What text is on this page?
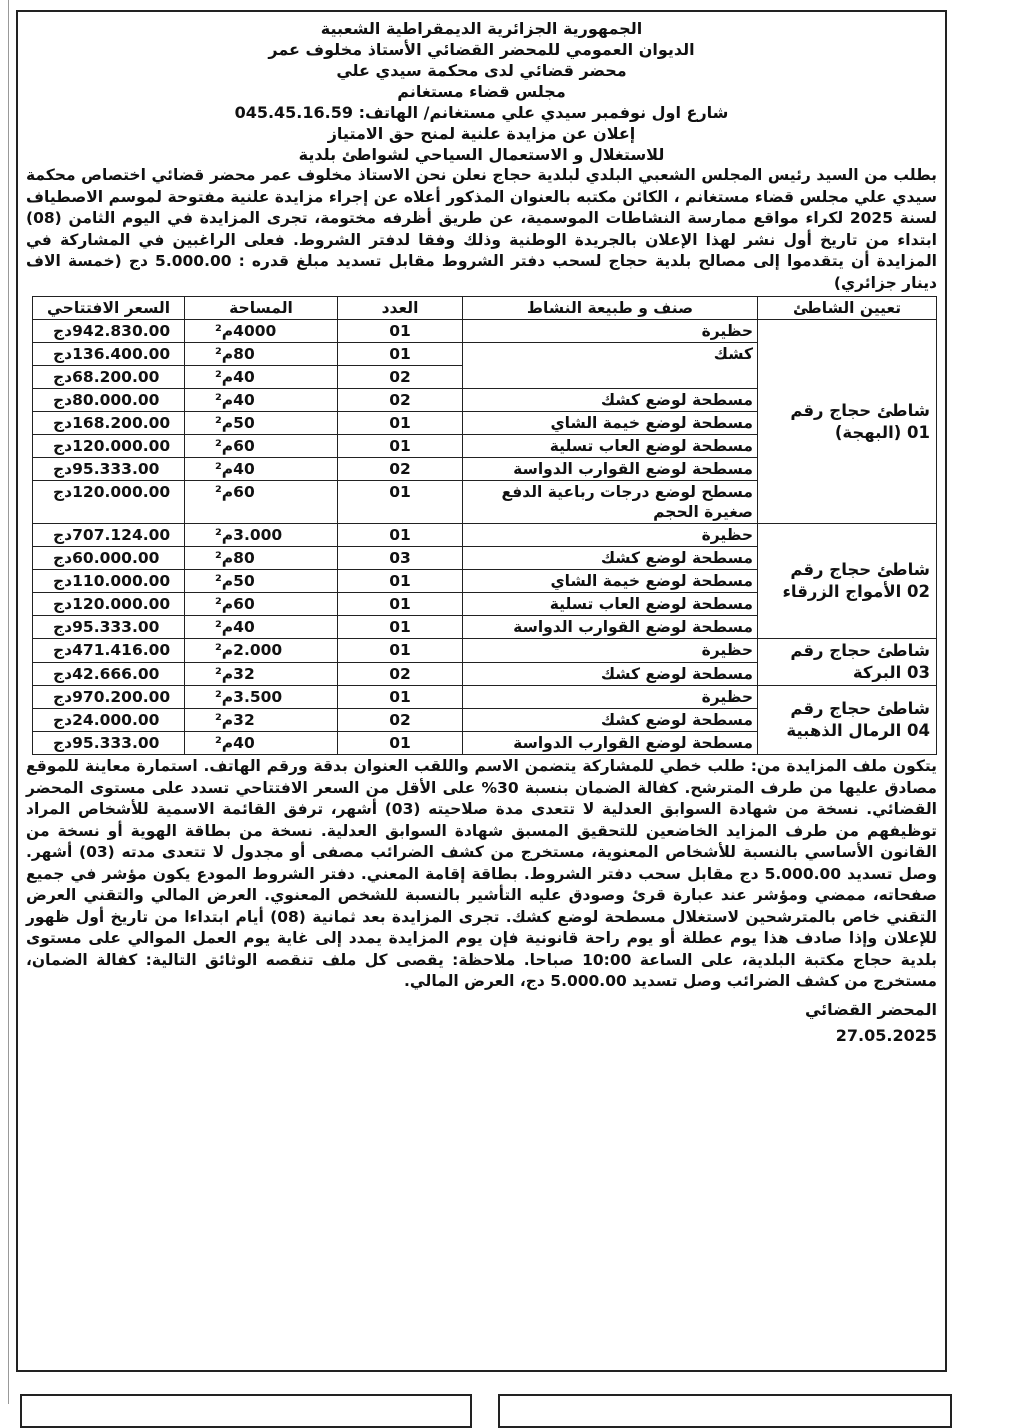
الجمهورية الجزائرية الديمقراطية الشعبية
الديوان العمومي للمحضر القضائي الأستاذ مخلوف عمر
محضر قضائي لدى محكمة سيدي علي
مجلس قضاء مستغانم
شارع اول نوفمبر سيدي علي مستغانم/ الهاتف: 045.45.16.59
إعلان عن مزايدة علنية لمنح حق الامتياز
للاستغلال و الاستعمال السياحي لشواطئ بلدية

بطلب من السيد رئيس المجلس الشعبي البلدي لبلدية حجاج نعلن نحن الاستاذ مخلوف عمر محضر قضائي اختصاص محكمة سيدي علي مجلس قضاء مستغانم ، الكائن مكتبه بالعنوان المذكور أعلاه عن إجراء مزايدة علنية مفتوحة لموسم الاصطياف لسنة 2025 لكراء مواقع ممارسة النشاطات الموسمية، عن طريق أظرفه مختومة، تجرى المزايدة في اليوم الثامن (08) ابتداء من تاريخ أول نشر لهذا الإعلان بالجريدة الوطنية وذلك وفقا لدفتر الشروط. فعلى الراغبين في المشاركة في المزايدة أن يتقدموا إلى مصالح بلدية حجاج لسحب دفتر الشروط مقابل تسديد مبلغ قدره : 5.000.00 دج (خمسة الاف دينار جزائري)

تعيين الشاطئ	صنف و طبيعة النشاط	العدد	المساحة	السعر الافتتاحي
شاطئ حجاج رقم 01 (البهجة)	حظيرة	01	4000م²	942.830.00دج
	كشك	01	80م²	136.400.00دج
		02	40م²	68.200.00دج
	مسطحة لوضع كشك	02	40م²	80.000.00دج
	مسطحة لوضع خيمة الشاي	01	50م²	168.200.00دج
	مسطحة لوضع العاب تسلية	01	60م²	120.000.00دج
	مسطحة لوضع القوارب الدواسة	02	40م²	95.333.00دج
	مسطح لوضع درجات رباعية الدفع صغيرة الحجم	01	60م²	120.000.00دج
شاطئ حجاج رقم 02 الأمواج الزرقاء	حظيرة	01	3.000م²	707.124.00دج
	مسطحة لوضع كشك	03	80م²	60.000.00دج
	مسطحة لوضع خيمة الشاي	01	50م²	110.000.00دج
	مسطحة لوضع العاب تسلية	01	60م²	120.000.00دج
	مسطحة لوضع القوارب الدواسة	01	40م²	95.333.00دج
شاطئ حجاج رقم 03 البركة	حظيرة	01	2.000م²	471.416.00دج
	مسطحة لوضع كشك	02	32م²	42.666.00دج
شاطئ حجاج رقم 04 الرمال الذهبية	حظيرة	01	3.500م²	970.200.00دج
	مسطحة لوضع كشك	02	32م²	24.000.00دج
	مسطحة لوضع القوارب الدواسة	01	40م²	95.333.00دج

يتكون ملف المزايدة من: طلب خطي للمشاركة يتضمن الاسم واللقب العنوان بدقة ورقم الهاتف. استمارة معاينة للموقع مصادق عليها من طرف المترشح. كفالة الضمان بنسبة 30% على الأقل من السعر الافتتاحي تسدد على مستوى المحضر القضائي. نسخة من شهادة السوابق العدلية لا تتعدى مدة صلاحيته (03) أشهر، ترفق القائمة الاسمية للأشخاص المراد توظيفهم من طرف المزايد الخاضعين للتحقيق المسبق شهادة السوابق العدلية. نسخة من بطاقة الهوية أو نسخة من القانون الأساسي بالنسبة للأشخاص المعنوية، مستخرج من كشف الضرائب مصفى أو مجدول لا تتعدى مدته (03) أشهر. وصل تسديد 5.000.00 دج مقابل سحب دفتر الشروط. بطاقة إقامة المعني. دفتر الشروط المودع يكون مؤشر في جميع صفحاته، ممضي ومؤشر عند عبارة قرئ وصودق عليه التأشير بالنسبة للشخص المعنوي. العرض المالي والتقني العرض التقني خاص بالمترشحين لاستغلال مسطحة لوضع كشك. تجرى المزايدة بعد ثمانية (08) أيام ابتداءا من تاريخ أول ظهور للإعلان وإذا صادف هذا يوم عطلة أو يوم راحة قانونية فإن يوم المزايدة يمدد إلى غاية يوم العمل الموالي على مستوى بلدية حجاج مكتبة البلدية، على الساعة 10:00 صباحا. ملاحظة: يقصى كل ملف تنقصه الوثائق التالية: كفالة الضمان، مستخرج من كشف الضرائب وصل تسديد 5.000.00 دج، العرض المالي.

المحضر القضائي
27.05.2025
